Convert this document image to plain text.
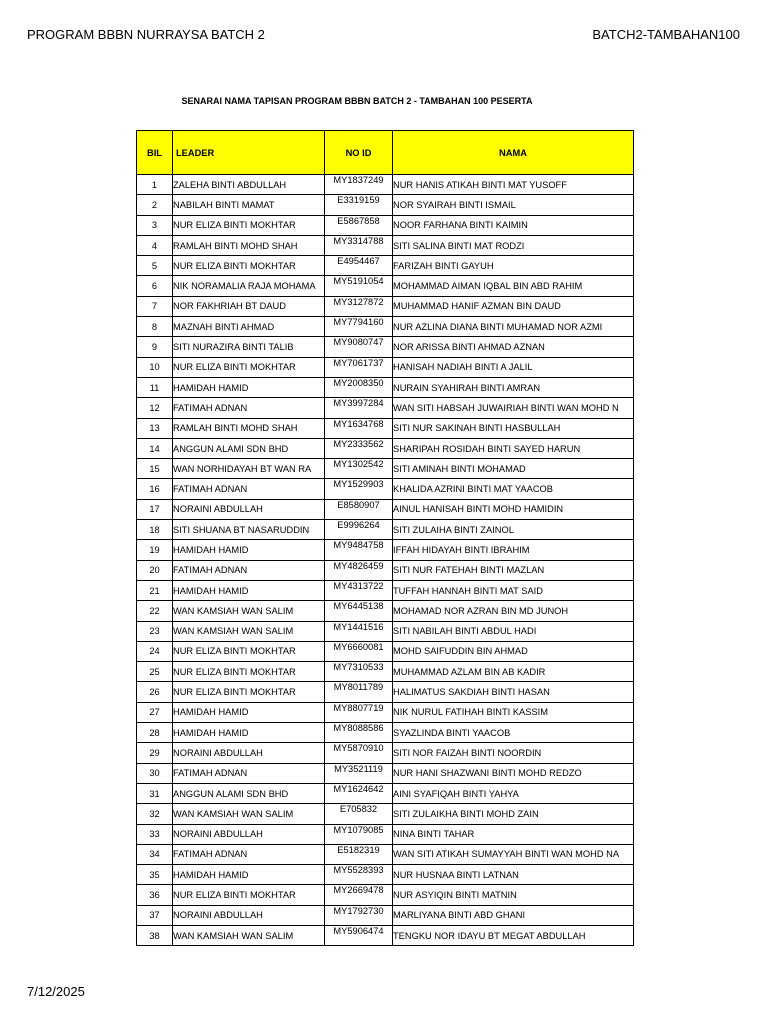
PROGRAM BBBN NURRAYSA BATCH 2	BATCH2-TAMBAHAN100
SENARAI NAMA TAPISAN PROGRAM BBBN BATCH 2 - TAMBAHAN 100 PESERTA
BIL	LEADER	NO ID	NAMA
1	ZALEHA BINTI ABDULLAH	MY1837249	NUR HANIS ATIKAH BINTI MAT YUSOFF
2	NABILAH BINTI MAMAT	E3319159	NOR SYAIRAH BINTI ISMAIL
3	NUR ELIZA BINTI MOKHTAR	E5867858	NOOR FARHANA BINTI KAIMIN
4	RAMLAH BINTI MOHD SHAH	MY3314788	SITI SALINA BINTI MAT RODZI
5	NUR ELIZA BINTI MOKHTAR	E4954467	FARIZAH BINTI GAYUH
6	NIK NORAMALIA RAJA MOHAMA	MY5191054	MOHAMMAD AIMAN IQBAL BIN ABD RAHIM
7	NOR FAKHRIAH BT DAUD	MY3127872	MUHAMMAD HANIF AZMAN BIN DAUD
8	MAZNAH BINTI AHMAD	MY7794160	NUR AZLINA DIANA BINTI MUHAMAD NOR AZMI
9	SITI NURAZIRA BINTI TALIB	MY9080747	NOR ARISSA BINTI AHMAD AZNAN
10	NUR ELIZA BINTI MOKHTAR	MY7061737	HANISAH NADIAH BINTI A JALIL
11	HAMIDAH HAMID	MY2008350	NURAIN SYAHIRAH BINTI AMRAN
12	FATIMAH ADNAN	MY3997284	WAN SITI HABSAH JUWAIRIAH BINTI WAN MOHD N
13	RAMLAH BINTI MOHD SHAH	MY1634768	SITI NUR SAKINAH BINTI HASBULLAH
14	ANGGUN ALAMI SDN BHD	MY2333562	SHARIPAH ROSIDAH BINTI SAYED HARUN
15	WAN NORHIDAYAH BT WAN RA	MY1302542	SITI AMINAH BINTI MOHAMAD
16	FATIMAH ADNAN	MY1529903	KHALIDA AZRINI BINTI MAT YAACOB
17	NORAINI ABDULLAH	E8580907	AINUL HANISAH BINTI MOHD HAMIDIN
18	SITI SHUANA BT NASARUDDIN	E9996264	SITI ZULAIHA BINTI ZAINOL
19	HAMIDAH HAMID	MY9484758	IFFAH HIDAYAH BINTI IBRAHIM
20	FATIMAH ADNAN	MY4826459	SITI NUR FATEHAH BINTI MAZLAN
21	HAMIDAH HAMID	MY4313722	TUFFAH HANNAH BINTI MAT SAID
22	WAN KAMSIAH WAN SALIM	MY6445138	MOHAMAD NOR AZRAN BIN MD JUNOH
23	WAN KAMSIAH WAN SALIM	MY1441516	SITI NABILAH BINTI ABDUL HADI
24	NUR ELIZA BINTI MOKHTAR	MY6660081	MOHD SAIFUDDIN BIN AHMAD
25	NUR ELIZA BINTI MOKHTAR	MY7310533	MUHAMMAD AZLAM BIN AB KADIR
26	NUR ELIZA BINTI MOKHTAR	MY8011789	HALIMATUS SAKDIAH BINTI HASAN
27	HAMIDAH HAMID	MY8807719	NIK NURUL FATIHAH BINTI KASSIM
28	HAMIDAH HAMID	MY8088586	SYAZLINDA BINTI YAACOB
29	NORAINI ABDULLAH	MY5870910	SITI NOR FAIZAH BINTI NOORDIN
30	FATIMAH ADNAN	MY3521119	NUR HANI SHAZWANI BINTI MOHD REDZO
31	ANGGUN ALAMI SDN BHD	MY1624642	AINI SYAFIQAH BINTI YAHYA
32	WAN KAMSIAH WAN SALIM	E705832	SITI ZULAIKHA BINTI MOHD ZAIN
33	NORAINI ABDULLAH	MY1079085	NINA BINTI TAHAR
34	FATIMAH ADNAN	E5182319	WAN SITI ATIKAH SUMAYYAH BINTI WAN MOHD NA
35	HAMIDAH HAMID	MY5528393	NUR HUSNAA BINTI LATNAN
36	NUR ELIZA BINTI MOKHTAR	MY2669478	NUR ASYIQIN BINTI MATNIN
37	NORAINI ABDULLAH	MY1792730	MARLIYANA BINTI ABD GHANI
38	WAN KAMSIAH WAN SALIM	MY5906474	TENGKU NOR IDAYU BT MEGAT ABDULLAH
7/12/2025
